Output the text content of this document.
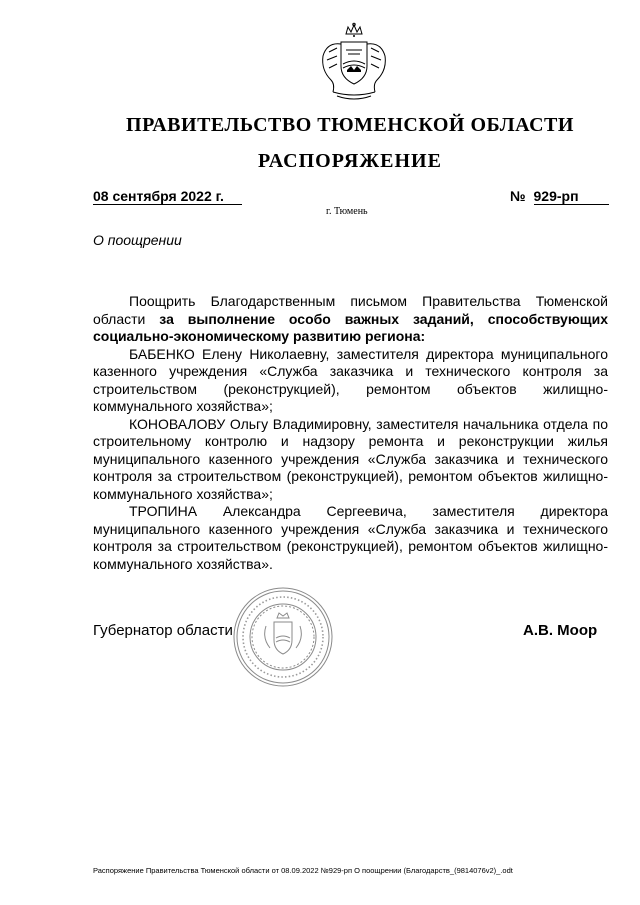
ПРАВИТЕЛЬСТВО ТЮМЕНСКОЙ ОБЛАСТИ
РАСПОРЯЖЕНИЕ
08 сентября 2022 г.
г. Тюмень
№ 929-рп
О поощрении

Поощрить Благодарственным письмом Правительства Тюменской области за выполнение особо важных заданий, способствующих социально-экономическому развитию региона:

БАБЕНКО Елену Николаевну, заместителя директора муниципального казенного учреждения «Служба заказчика и технического контроля за строительством (реконструкцией), ремонтом объектов жилищно-коммунального хозяйства»;

КОНОВАЛОВУ Ольгу Владимировну, заместителя начальника отдела по строительному контролю и надзору ремонта и реконструкции жилья муниципального казенного учреждения «Служба заказчика и технического контроля за строительством (реконструкцией), ремонтом объектов жилищно-коммунального хозяйства»;

ТРОПИНА Александра Сергеевича, заместителя директора муниципального казенного учреждения «Служба заказчика и технического контроля за строительством (реконструкцией), ремонтом объектов жилищно-коммунального хозяйства».

Губернатор области	А.В. Моор
Распоряжение Правительства Тюменской области от 08.09.2022 №929-рп О поощрении (Благодарств_(9814076v2)_.odt
